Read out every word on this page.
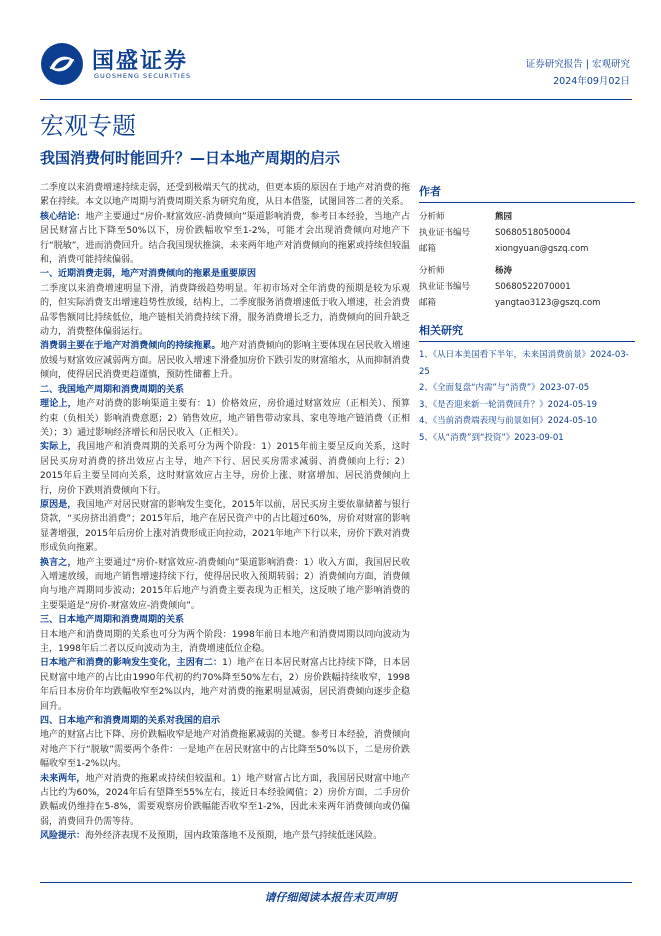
国盛证券
GUOSHENG SECURITIES
证券研究报告 | 宏观研究
2024年09月02日
宏观专题
我国消费何时能回升？—日本地产周期的启示

二季度以来消费增速持续走弱，还受到极端天气的扰动，但更本质的原因在于地产对消费的拖累在持续。本文以地产周期与消费周期关系为研究角度，从日本借鉴，试图回答二者的关系。

核心结论：地产主要通过“房价-财富效应-消费倾向”渠道影响消费，参考日本经验，当地产占居民财富占比下降至50%以下，房价跌幅收窄至1-2%，可能才会出现消费倾向对地产下行“脱敏”，进而消费回升。结合我国现状推演，未来两年地产对消费倾向的拖累或持续但较温和，消费可能持续偏弱。

一、近期消费走弱，地产对消费倾向的拖累是重要原因

二季度以来消费增速明显下滑，消费降级趋势明显。年初市场对全年消费的预期是较为乐观的，但实际消费支出增速趋势性放缓，结构上，二季度服务消费增速低于收入增速，社会消费品零售额同比持续低位，地产链相关消费持续下滑，服务消费增长乏力，消费倾向的回升缺乏动力，消费整体偏弱运行。

消费弱主要在于地产对消费倾向的持续拖累。地产对消费倾向的影响主要体现在居民收入增速放缓与财富效应减弱两方面。居民收入增速下滑叠加房价下跌引发的财富缩水，从而抑制消费倾向，使得居民消费更趋谨慎，预防性储蓄上升。

二、我国地产周期和消费周期的关系

理论上，地产对消费的影响渠道主要有：1）价格效应，房价通过财富效应（正相关）、预算约束（负相关）影响消费意愿；2）销售效应，地产销售带动家具、家电等地产链消费（正相关）；3）通过影响经济增长和居民收入（正相关）。

实际上，我国地产和消费周期的关系可分为两个阶段：1）2015年前主要呈反向关系，这时居民买房对消费的挤出效应占主导，地产下行、居民买房需求减弱、消费倾向上行；2）2015年后主要呈同向关系，这时财富效应占主导，房价上涨、财富增加、居民消费倾向上行，房价下跌则消费倾向下行。

原因是，我国地产对居民财富的影响发生变化，2015年以前，居民买房主要依靠储蓄与银行贷款，“买房挤出消费”；2015年后，地产在居民资产中的占比超过60%，房价对财富的影响显著增强，2015年后房价上涨对消费形成正向拉动，2021年地产下行以来，房价下跌对消费形成负向拖累。

换言之，地产主要通过“房价-财富效应-消费倾向”渠道影响消费：1）收入方面，我国居民收入增速放缓，而地产销售增速持续下行，使得居民收入预期转弱；2）消费倾向方面，消费倾向与地产周期同步波动；2015年后地产与消费主要表现为正相关，这反映了地产影响消费的主要渠道是“房价-财富效应-消费倾向”。

三、日本地产周期和消费周期的关系

日本地产和消费周期的关系也可分为两个阶段：1998年前日本地产和消费周期以同向波动为主，1998年后二者以反向波动为主，消费增速低位企稳。

日本地产和消费的影响发生变化，主因有二：1）地产在日本居民财富占比持续下降，日本居民财富中地产的占比由1990年代初的约70%降至50%左右，2）房价跌幅持续收窄，1998年后日本房价年均跌幅收窄至2%以内，地产对消费的拖累明显减弱，居民消费倾向逐步企稳回升。

四、日本地产和消费周期的关系对我国的启示

地产的财富占比下降、房价跌幅收窄是地产对消费拖累减弱的关键。参考日本经验，消费倾向对地产下行“脱敏”需要两个条件：一是地产在居民财富中的占比降至50%以下，二是房价跌幅收窄至1-2%以内。

未来两年，地产对消费的拖累或持续但较温和。1）地产财富占比方面，我国居民财富中地产占比约为60%，2024年后有望降至55%左右，接近日本经验阈值；2）房价方面，二手房价跌幅或仍维持在5-8%，需要观察房价跌幅能否收窄至1-2%，因此未来两年消费倾向或仍偏弱，消费回升仍需等待。

风险提示：海外经济表现不及预期，国内政策落地不及预期，地产景气持续低迷风险。

作者
分析师	熊园
执业证书编号	S0680518050004
邮箱	xiongyuan@gszq.com
分析师	杨涛
执业证书编号	S0680522070001
邮箱	yangtao3123@gszq.com
相关研究
1、《从日本美国看下半年，未来国消费前景》2024-03-25
2、《全面复盘“内需”与“消费”》2023-07-05
3、《是否迎来新一轮消费回升？》2024-05-19
4、《当前消费端表现与前景如何》2024-05-10
5、《从“消费”到“投资”》2023-09-01
请仔细阅读本报告末页声明
